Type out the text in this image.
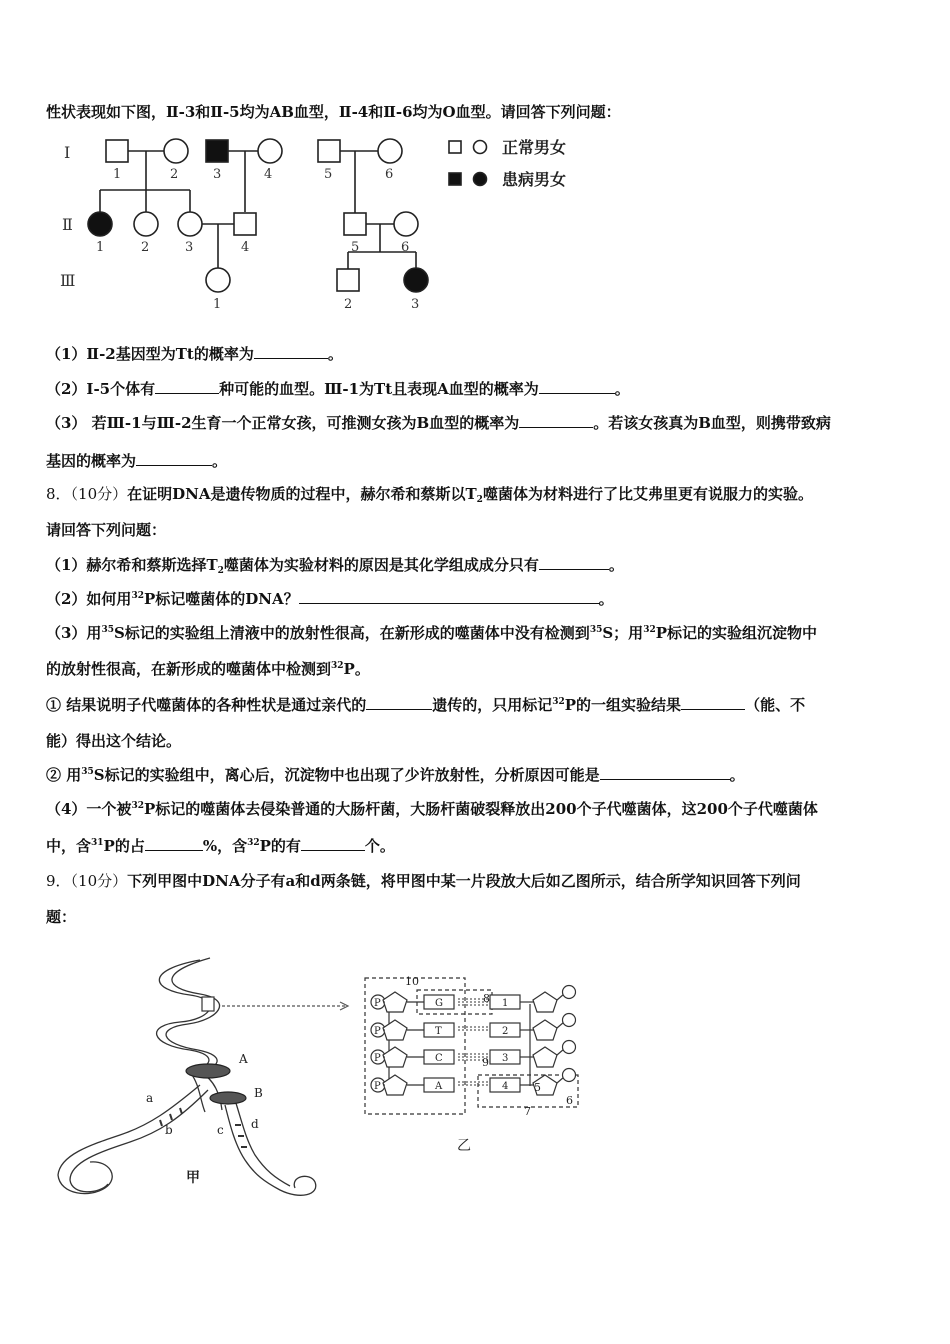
性状表现如下图，Ⅱ-3和Ⅱ-5均为AB血型，Ⅱ-4和Ⅱ-6均为O血型。请回答下列问题：
Ⅰ
Ⅱ
Ⅲ
1	2	3	4	5	6
1	2	3	4	5	6
1	2	3
正常男女
患病男女
（1）Ⅱ-2基因型为Tt的概率为	。
（2）Ⅰ-5个体有	种可能的血型。Ⅲ-1为Tt且表现A血型的概率为	。
（3） 若Ⅲ-1与Ⅲ-2生育一个正常女孩，可推测女孩为B血型的概率为	。若该女孩真为B血型，则携带致病
基因的概率为	。
8．（10分）在证明DNA是遗传物质的过程中，赫尔希和蔡斯以$T_2$噬菌体为材料进行了比艾弗里更有说服力的实验。
请回答下列问题：
（1）赫尔希和蔡斯选择$T_2$噬菌体为实验材料的原因是其化学组成成分只有	。
（2）如何用$^{32}$P标记噬菌体的DNA？	。
（3）用$^{35}$S标记的实验组上清液中的放射性很高，在新形成的噬菌体中没有检测到$^{35}$S；用$^{32}$P标记的实验组沉淀物中
的放射性很高，在新形成的噬菌体中检测到$^{32}$P。
① 结果说明子代噬菌体的各种性状是通过亲代的	遗传的，只用标记$^{32}$P的一组实验结果	（能、不
能）得出这个结论。
② 用$^{35}$S标记的实验组中，离心后，沉淀物中也出现了少许放射性，分析原因可能是	。
（4）一个被$^{32}$P标记的噬菌体去侵染普通的大肠杆菌，大肠杆菌破裂释放出200个子代噬菌体，这200个子代噬菌体
中，含$^{31}$P的占	%，含$^{32}$P的有	个。
9．（10分）下列甲图中DNA分子有a和d两条链，将甲图中某一片段放大后如乙图所示，结合所学知识回答下列问
题：
A
B
a
b	c d
甲
P	G	1
P	T	2
P	C	3
P	A	4
10
8
9
5
6
7
乙
